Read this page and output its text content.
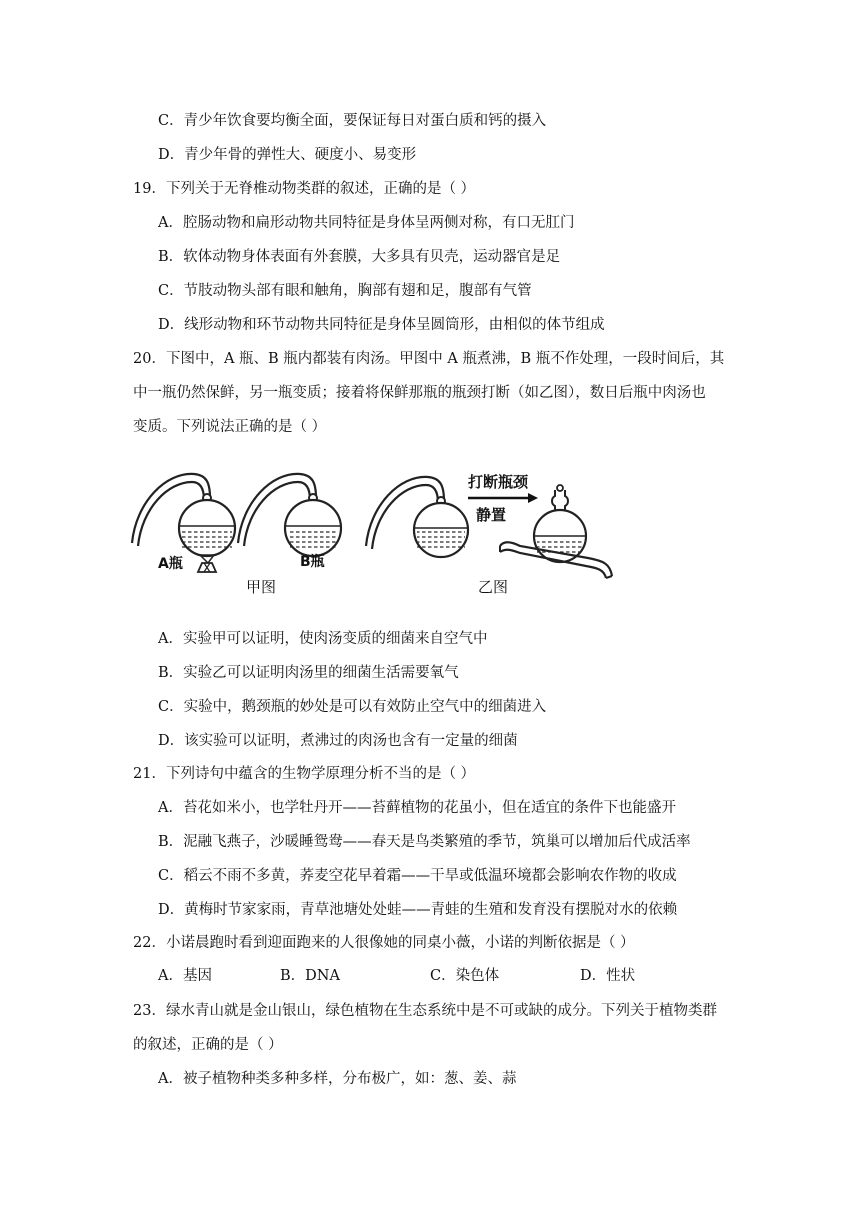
C．青少年饮食要均衡全面，要保证每日对蛋白质和钙的摄入
D．青少年骨的弹性大、硬度小、易变形
19．下列关于无脊椎动物类群的叙述，正确的是（ ）
A．腔肠动物和扁形动物共同特征是身体呈两侧对称，有口无肛门
B．软体动物身体表面有外套膜，大多具有贝壳，运动器官是足
C．节肢动物头部有眼和触角，胸部有翅和足，腹部有气管
D．线形动物和环节动物共同特征是身体呈圆筒形，由相似的体节组成
20．下图中，A 瓶、B 瓶内都装有肉汤。甲图中 A 瓶煮沸，B 瓶不作处理，一段时间后，其
中一瓶仍然保鲜，另一瓶变质；接着将保鲜那瓶的瓶颈打断（如乙图），数日后瓶中肉汤也
变质。下列说法正确的是（ ）
A瓶	B瓶
甲图
打断瓶颈
静置
乙图
A．实验甲可以证明，使肉汤变质的细菌来自空气中
B．实验乙可以证明肉汤里的细菌生活需要氧气
C．实验中，鹅颈瓶的妙处是可以有效防止空气中的细菌进入
D．该实验可以证明，煮沸过的肉汤也含有一定量的细菌
21．下列诗句中蕴含的生物学原理分析不当的是（ ）
A．苔花如米小，也学牡丹开——苔藓植物的花虽小，但在适宜的条件下也能盛开
B．泥融飞燕子，沙暖睡鸳鸯——春天是鸟类繁殖的季节，筑巢可以增加后代成活率
C．稻云不雨不多黄，荞麦空花早着霜——干旱或低温环境都会影响农作物的收成
D．黄梅时节家家雨，青草池塘处处蛙——青蛙的生殖和发育没有摆脱对水的依赖
22．小诺晨跑时看到迎面跑来的人很像她的同桌小薇，小诺的判断依据是（ ）
A．基因	B．DNA	C．染色体	D．性状
23．绿水青山就是金山银山，绿色植物在生态系统中是不可或缺的成分。下列关于植物类群
的叙述，正确的是（ ）
A．被子植物种类多种多样，分布极广，如：葱、姜、蒜
